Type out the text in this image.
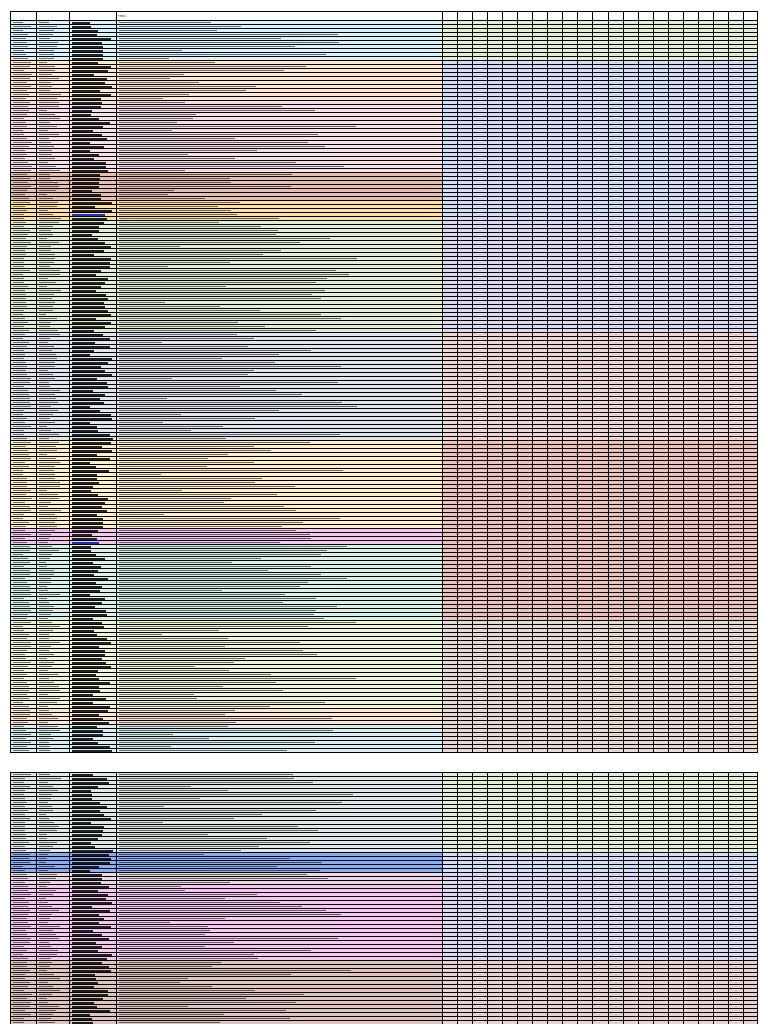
FMEA
